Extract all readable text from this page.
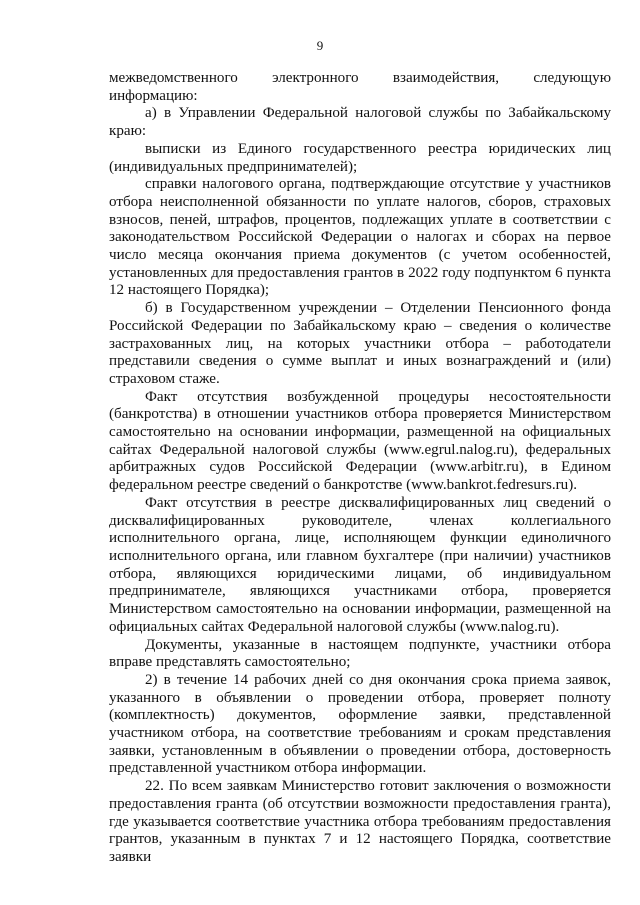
9

межведомственного электронного взаимодействия, следующую информацию:

а) в Управлении Федеральной налоговой службы по Забайкальскому краю:

выписки из Единого государственного реестра юридических лиц (индивидуальных предпринимателей);

справки налогового органа, подтверждающие отсутствие у участников отбора неисполненной обязанности по уплате налогов, сборов, страховых взносов, пеней, штрафов, процентов, подлежащих уплате в соответствии с законодательством Российской Федерации о налогах и сборах на первое число месяца окончания приема документов (с учетом особенностей, установленных для предоставления грантов в 2022 году подпунктом 6 пункта 12 настоящего Порядка);

б) в Государственном учреждении – Отделении Пенсионного фонда Российской Федерации по Забайкальскому краю – сведения о количестве застрахованных лиц, на которых участники отбора – работодатели представили сведения о сумме выплат и иных вознаграждений и (или) страховом стаже.

Факт отсутствия возбужденной процедуры несостоятельности (банкротства) в отношении участников отбора проверяется Министерством самостоятельно на основании информации, размещенной на официальных сайтах Федеральной налоговой службы (www.egrul.nalog.ru), федеральных арбитражных судов Российской Федерации (www.arbitr.ru), в Едином федеральном реестре сведений о банкротстве (www.bankrot.fedresurs.ru).

Факт отсутствия в реестре дисквалифицированных лиц сведений о дисквалифицированных руководителе, членах коллегиального исполнительного органа, лице, исполняющем функции единоличного исполнительного органа, или главном бухгалтере (при наличии) участников отбора, являющихся юридическими лицами, об индивидуальном предпринимателе, являющихся участниками отбора, проверяется Министерством самостоятельно на основании информации, размещенной на официальных сайтах Федеральной налоговой службы (www.nalog.ru).

Документы, указанные в настоящем подпункте, участники отбора вправе представлять самостоятельно;

2) в течение 14 рабочих дней со дня окончания срока приема заявок, указанного в объявлении о проведении отбора, проверяет полноту (комплектность) документов, оформление заявки, представленной участником отбора, на соответствие требованиям и срокам представления заявки, установленным в объявлении о проведении отбора, достоверность представленной участником отбора информации.

22. По всем заявкам Министерство готовит заключения о возможности предоставления гранта (об отсутствии возможности предоставления гранта), где указывается соответствие участника отбора требованиям предоставления грантов, указанным в пунктах 7 и 12 настоящего Порядка, соответствие заявки
